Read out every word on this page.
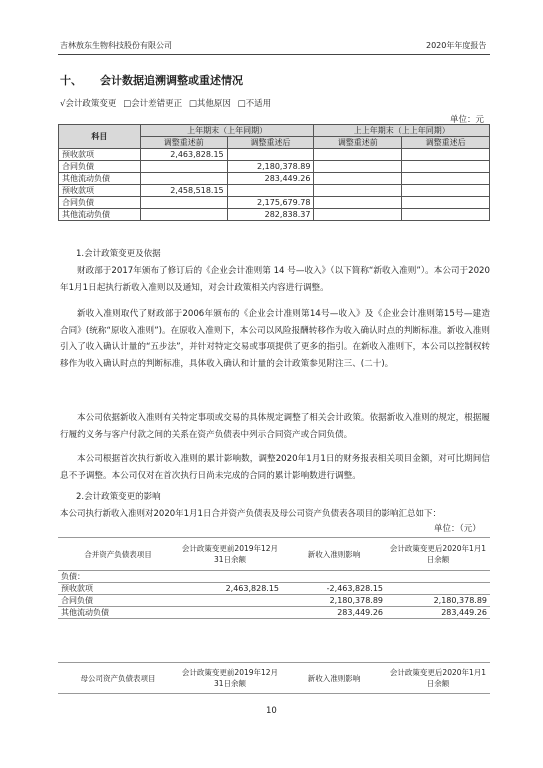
吉林敖东生物科技股份有限公司	2020年年度报告
十、 会计数据追溯调整或重述情况
√会计政策变更 □会计差错更正 □其他原因 □不适用
单位：元
科目	上年期末（上年同期）		上上年期末（上上年同期）	
	调整重述前	调整重述后	调整重述前	调整重述后
预收款项	2,463,828.15			
合同负债		2,180,378.89		
其他流动负债		283,449.26		
预收款项	2,458,518.15			
合同负债		2,175,679.78		
其他流动负债		282,838.37		
1.会计政策变更及依据
财政部于2017年颁布了修订后的《企业会计准则第 14 号—收入》（以下简称“新收入准则”）。本公司于2020年1月1日起执行新收入准则以及通知，对会计政策相关内容进行调整。
新收入准则取代了财政部于2006年颁布的《企业会计准则第14号—收入》及《企业会计准则第15号—建造合同》(统称“原收入准则”)。在原收入准则下，本公司以风险报酬转移作为收入确认时点的判断标准。新收入准则引入了收入确认计量的“五步法”，并针对特定交易或事项提供了更多的指引。在新收入准则下，本公司以控制权转移作为收入确认时点的判断标准，具体收入确认和计量的会计政策参见附注三、(二十)。
本公司依据新收入准则有关特定事项或交易的具体规定调整了相关会计政策。依据新收入准则的规定，根据履行履约义务与客户付款之间的关系在资产负债表中列示合同资产或合同负债。
本公司根据首次执行新收入准则的累计影响数，调整2020年1月1日的财务报表相关项目金额，对可比期间信息不予调整。本公司仅对在首次执行日尚未完成的合同的累计影响数进行调整。
2.会计政策变更的影响
本公司执行新收入准则对2020年1月1日合并资产负债表及母公司资产负债表各项目的影响汇总如下：
单位：（元）
合并资产负债表项目	会计政策变更前2019年12月31日余额	新收入准则影响	会计政策变更后2020年1月1日余额
负债：			
预收款项	2,463,828.15	-2,463,828.15	
合同负债		2,180,378.89	2,180,378.89
其他流动负债		283,449.26	283,449.26
母公司资产负债表项目	会计政策变更前2019年12月31日余额	新收入准则影响	会计政策变更后2020年1月1日余额
10
